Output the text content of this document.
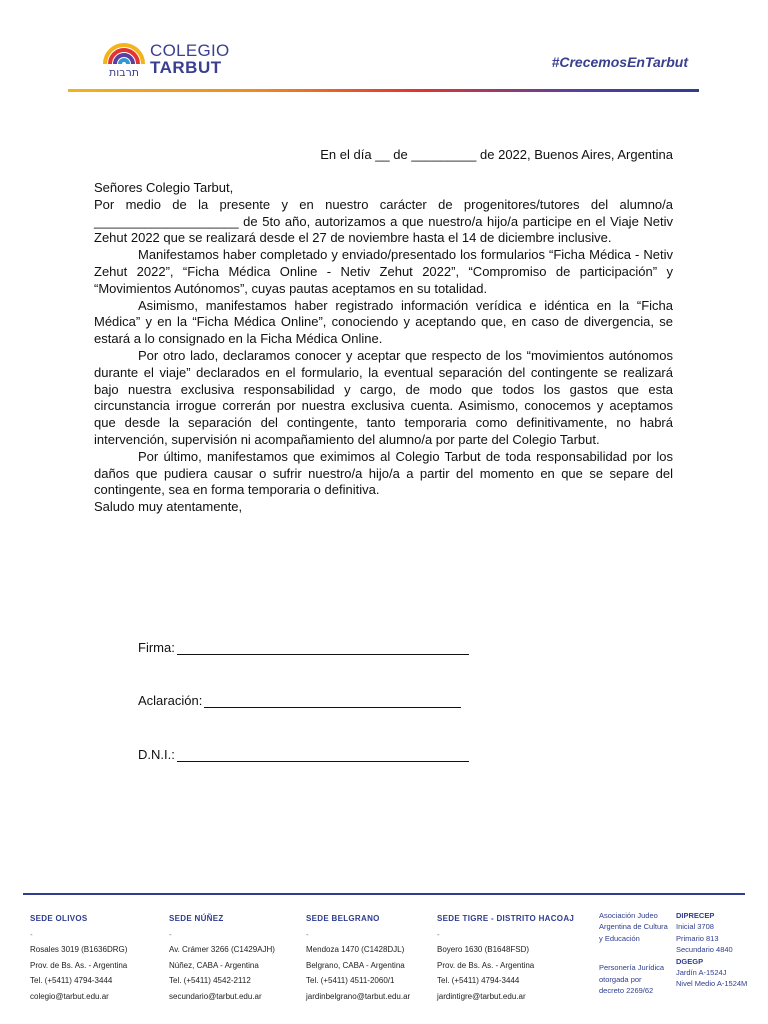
תרבות
COLEGIO
TARBUT	#CrecemosEnTarbut
En el día __ de _________ de 2022, Buenos Aires, Argentina

Señores Colegio Tarbut,

Por medio de la presente y en nuestro carácter de progenitores/tutores del alumno/a ____________________ de 5to año, autorizamos a que nuestro/a hijo/a participe en el Viaje Netiv Zehut 2022 que se realizará desde el 27 de noviembre hasta el 14 de diciembre inclusive.

Manifestamos haber completado y enviado/presentado los formularios “Ficha Médica - Netiv Zehut 2022”, “Ficha Médica Online - Netiv Zehut 2022”, “Compromiso de participación” y “Movimientos Autónomos”, cuyas pautas aceptamos en su totalidad.

Asimismo, manifestamos haber registrado información verídica e idéntica en la “Ficha Médica” y en la “Ficha Médica Online”, conociendo y aceptando que, en caso de divergencia, se estará a lo consignado en la Ficha Médica Online.

Por otro lado, declaramos conocer y aceptar que respecto de los “movimientos autónomos durante el viaje” declarados en el formulario, la eventual separación del contingente se realizará bajo nuestra exclusiva responsabilidad y cargo, de modo que todos los gastos que esta circunstancia irrogue correrán por nuestra exclusiva cuenta. Asimismo, conocemos y aceptamos que desde la separación del contingente, tanto temporaria como definitivamente, no habrá intervención, supervisión ni acompañamiento del alumno/a por parte del Colegio Tarbut.

Por último, manifestamos que eximimos al Colegio Tarbut de toda responsabilidad por los daños que pudiera causar o sufrir nuestro/a hijo/a a partir del momento en que se separe del contingente, sea en forma temporaria o definitiva.

Saludo muy atentamente,

Firma:
Aclaración:
D.N.I.:
SEDE OLIVOS
-
Rosales 3019 (B1636DRG)
Prov. de Bs. As. - Argentina
Tel. (+5411) 4794-3444
colegio@tarbut.edu.ar
SEDE NÚÑEZ
-
Av. Crámer 3266 (C1429AJH)
Núñez, CABA - Argentina
Tel. (+5411) 4542-2112
secundario@tarbut.edu.ar
SEDE BELGRANO
-
Mendoza 1470 (C1428DJL)
Belgrano, CABA - Argentina
Tel. (+5411) 4511-2060/1
jardinbelgrano@tarbut.edu.ar
SEDE TIGRE - DISTRITO HACOAJ
-
Boyero 1630 (B1648FSD)
Prov. de Bs. As. - Argentina
Tel. (+5411) 4794-3444
jardintigre@tarbut.edu.ar
Asociación Judeo
Argentina de Cultura
y Educación
Personería Jurídica
otorgada por
decreto 2269/62
DIPRECEP
Inicial 3708
Primario 813
Secundario 4840
DGEGP
Jardín A-1524J
Nivel Medio A-1524M
